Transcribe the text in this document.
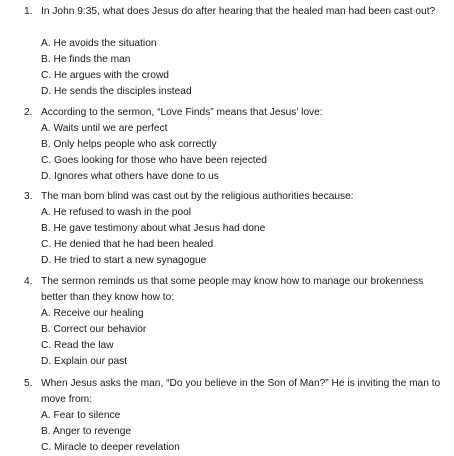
1. In John 9:35, what does Jesus do after hearing that the healed man had been cast out?

A. He avoids the situation
B. He finds the man
C. He argues with the crowd
D. He sends the disciples instead
2. According to the sermon, “Love Finds” means that Jesus’ love:

A. Waits until we are perfect
B. Only helps people who ask correctly
C. Goes looking for those who have been rejected
D. Ignores what others have done to us
3. The man born blind was cast out by the religious authorities because:

A. He refused to wash in the pool
B. He gave testimony about what Jesus had done
C. He denied that he had been healed
D. He tried to start a new synagogue
4. The sermon reminds us that some people may know how to manage our brokenness better than they know how to:

A. Receive our healing
B. Correct our behavior
C. Read the law
D. Explain our past
5. When Jesus asks the man, “Do you believe in the Son of Man?” He is inviting the man to move from:

A. Fear to silence
B. Anger to revenge
C. Miracle to deeper revelation
